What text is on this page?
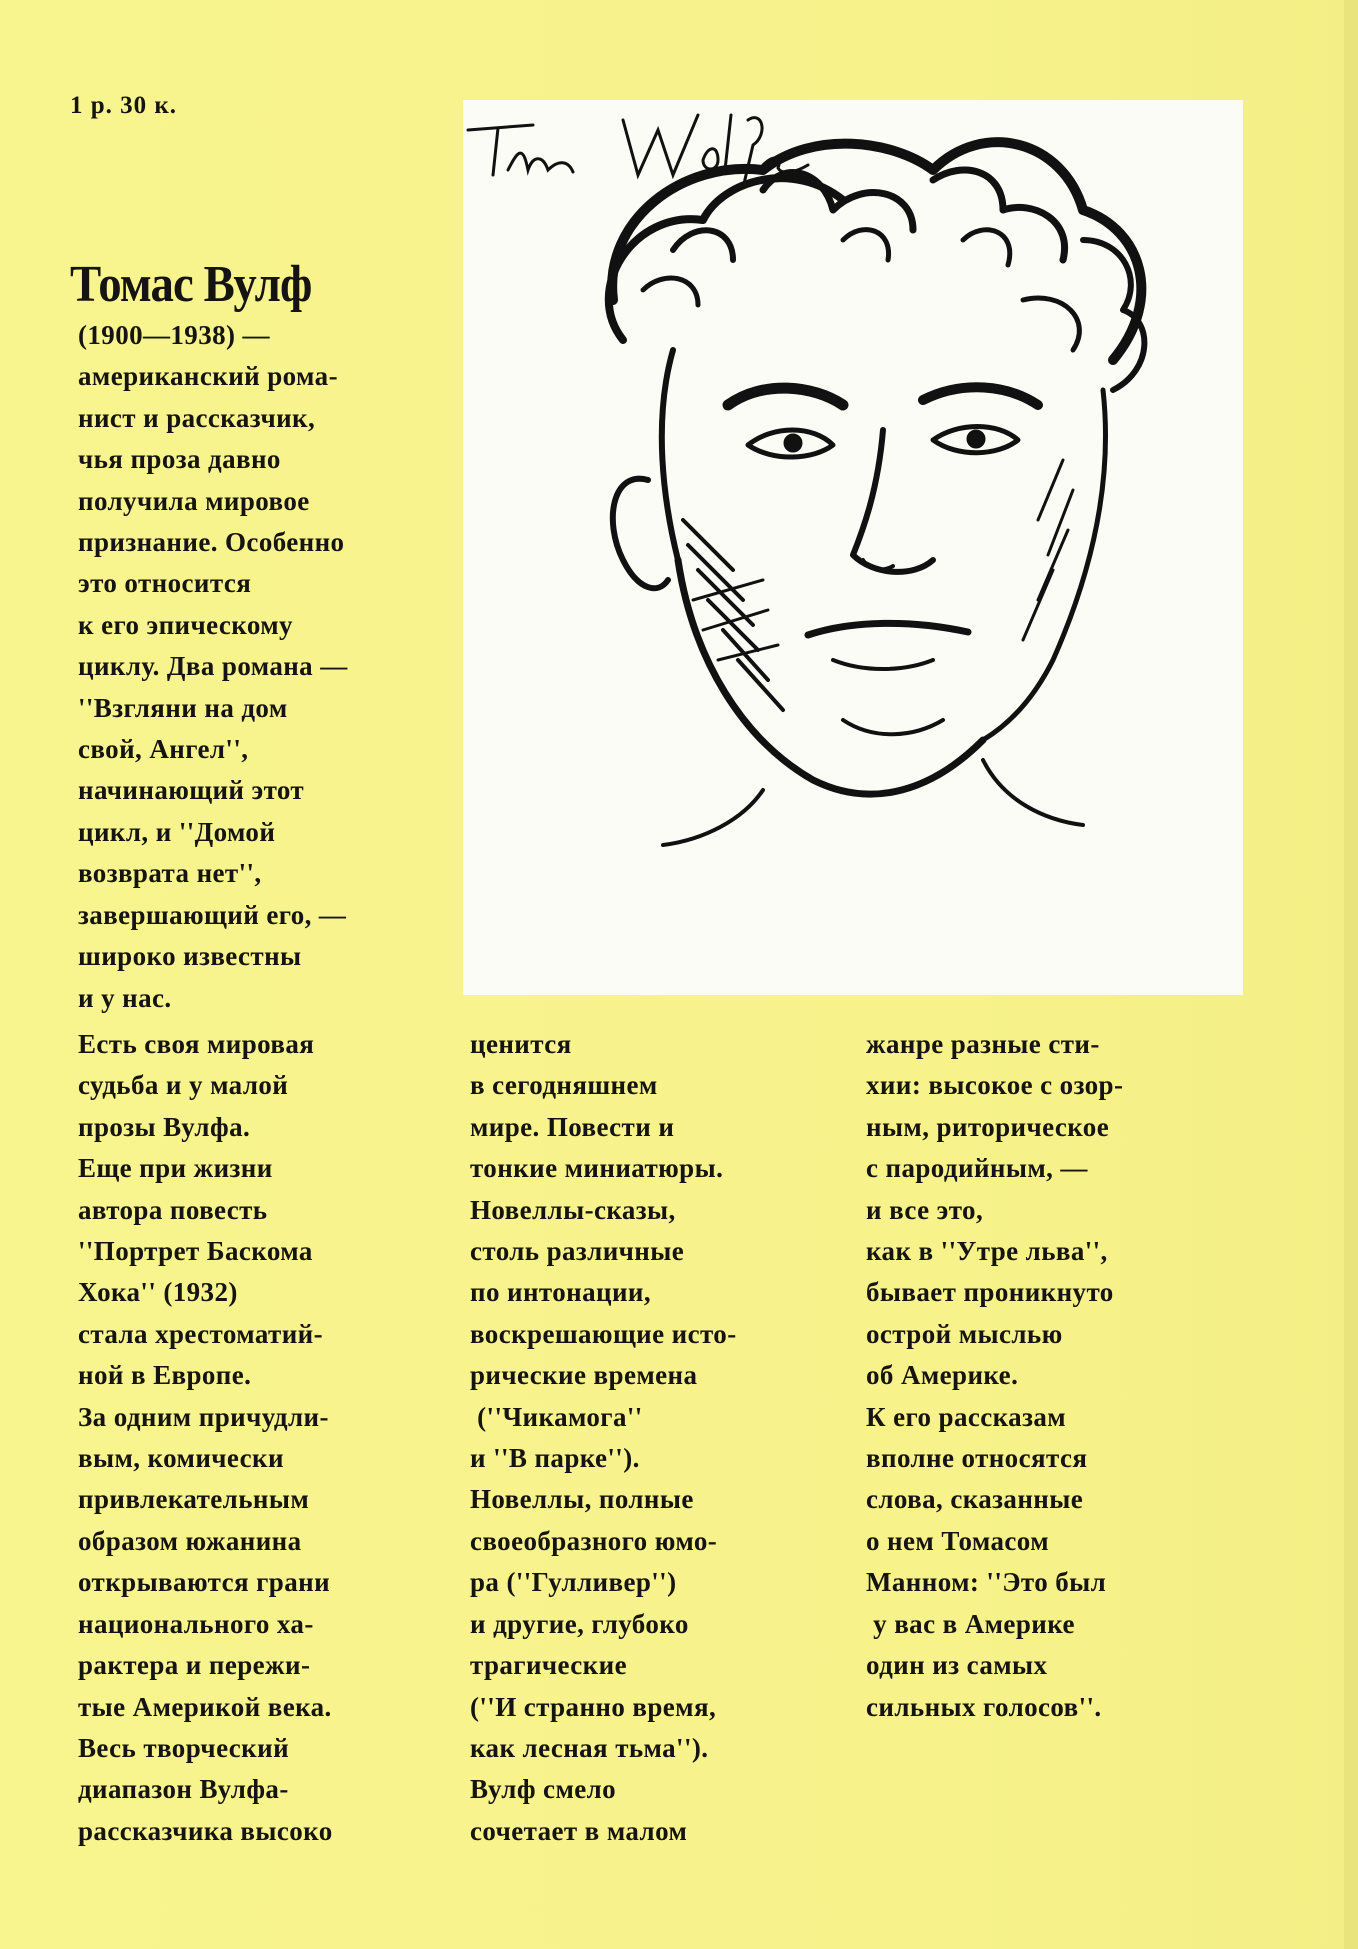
1 р. 30 к.
Томас Вулф
(1900—1938) —
американский рома-
нист и рассказчик,
чья проза давно
получила мировое
признание. Особенно
это относится
к его эпическому
циклу. Два романа —
''Взгляни на дом
свой, Ангел'',
начинающий этот
цикл, и ''Домой
возврата нет'',
завершающий его, —
широко известны
и у нас.
Есть своя мировая
судьба и у малой
прозы Вулфа.
Еще при жизни
автора повесть
''Портрет Баскома
Хока'' (1932)
стала хрестоматий-
ной в Европе.
За одним причудли-
вым, комически
привлекательным
образом южанина
открываются грани
национального ха-
рактера и пережи-
тые Америкой века.
Весь творческий
диапазон Вулфа-
рассказчика высоко
ценится
в сегодняшнем
мире. Повести и
тонкие миниатюры.
Новеллы-сказы,
столь различные
по интонации,
воскрешающие исто-
рические времена
(''Чикамога''
и ''В парке'').
Новеллы, полные
своеобразного юмо-
ра (''Гулливер'')
и другие, глубоко
трагические
(''И странно время,
как лесная тьма'').
Вулф смело
сочетает в малом
жанре разные сти-
хии: высокое с озор-
ным, риторическое
с пародийным, —
и все это,
как в ''Утре льва'',
бывает проникнуто
острой мыслью
об Америке.
К его рассказам
вполне относятся
слова, сказанные
о нем Томасом
Манном: ''Это был
у вас в Америке
один из самых
сильных голосов''.
